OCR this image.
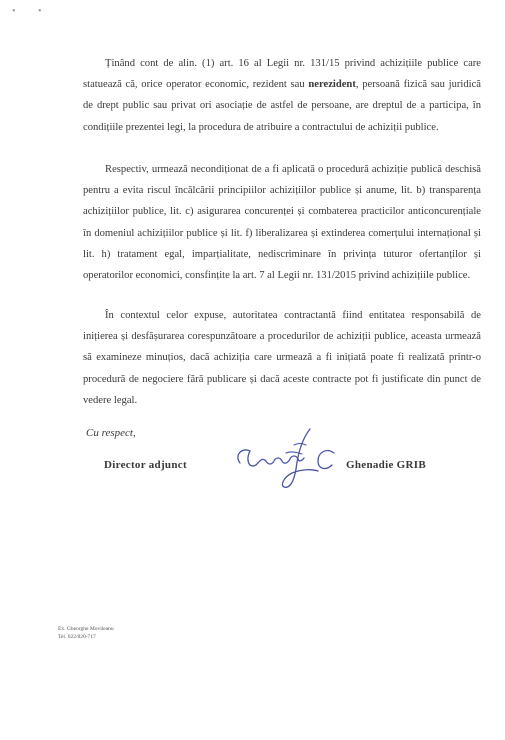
• •
Ținând cont de alin. (1) art. 16 al Legii nr. 131/15 privind achizițiile publice care statuează că, orice operator economic, rezident sau nerezident, persoană fizică sau juridică de drept public sau privat ori asociație de astfel de persoane, are dreptul de a participa, în condițiile prezentei legi, la procedura de atribuire a contractului de achiziții publice.
Respectiv, urmează necondiționat de a fi aplicată o procedură achiziție publică deschisă pentru a evita riscul încălcării principiilor achizițiilor publice și anume, lit. b) transparența achizițiilor publice, lit. c) asigurarea concurenței și combaterea practicilor anticoncurențiale în domeniul achizițiilor publice și lit. f) liberalizarea și extinderea comerțului internațional și lit. h) tratament egal, imparțialitate, nediscriminare în privința tuturor ofertanților și operatorilor economici, consfințite la art. 7 al Legii nr. 131/2015 privind achizițiile publice.
În contextul celor expuse, autoritatea contractantă fiind entitatea responsabilă de inițierea și desfășurarea corespunzătoare a procedurilor de achiziții publice, aceasta urmează să examineze minuțios, dacă achiziția care urmează a fi inițiată poate fi realizată printr-o procedură de negociere fără publicare și dacă aceste contracte pot fi justificate din punct de vedere legal.
Cu respect,
Director adjunct	Ghenadie GRIB
Ex. Gheorghe Movileanu
Tel. 022/820-717
